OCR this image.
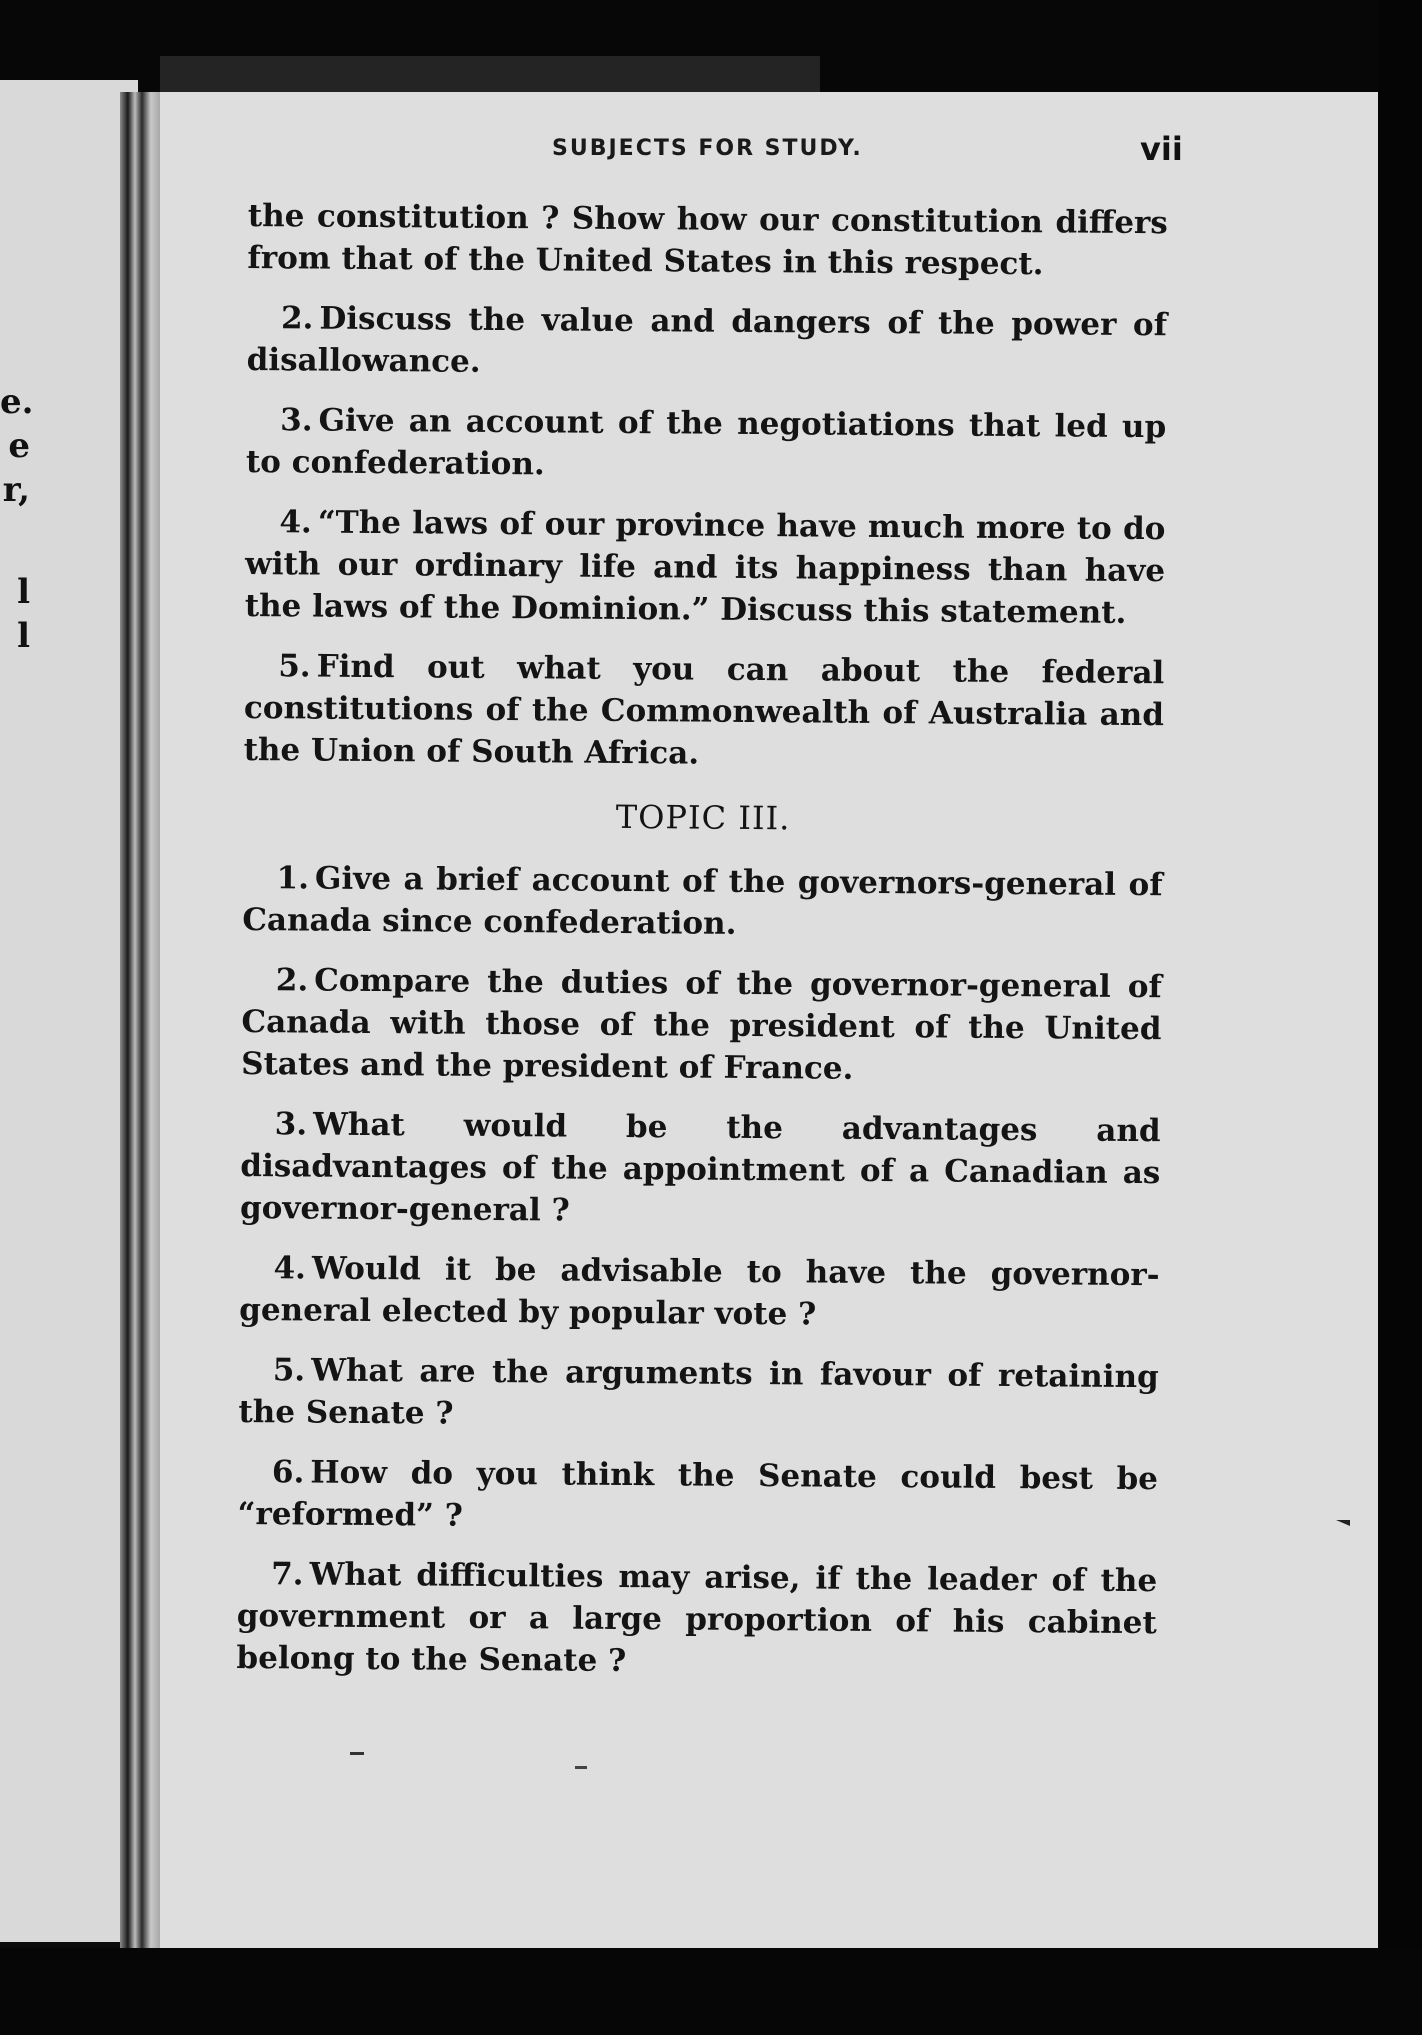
e.
e
r,
l
l
SUBJECTS FOR STUDY.	vii

the constitution ? Show how our constitution differs from that of the United States in this respect.

2. Discuss the value and dangers of the power of disallowance.

3. Give an account of the negotiations that led up to confederation.

4. “The laws of our province have much more to do with our ordinary life and its happiness than have the laws of the Dominion.” Discuss this statement.

5. Find out what you can about the federal constitutions of the Commonwealth of Australia and the Union of South Africa.

TOPIC III.

1. Give a brief account of the governors-general of Canada since confederation.

2. Compare the duties of the governor-general of Canada with those of the president of the United States and the president of France.

3. What would be the advantages and disadvantages of the appointment of a Canadian as governor-general ?

4. Would it be advisable to have the governor-general elected by popular vote ?

5. What are the arguments in favour of retaining the Senate ?

6. How do you think the Senate could best be “reformed” ?

7. What difficulties may arise, if the leader of the government or a large proportion of his cabinet belong to the Senate ?
